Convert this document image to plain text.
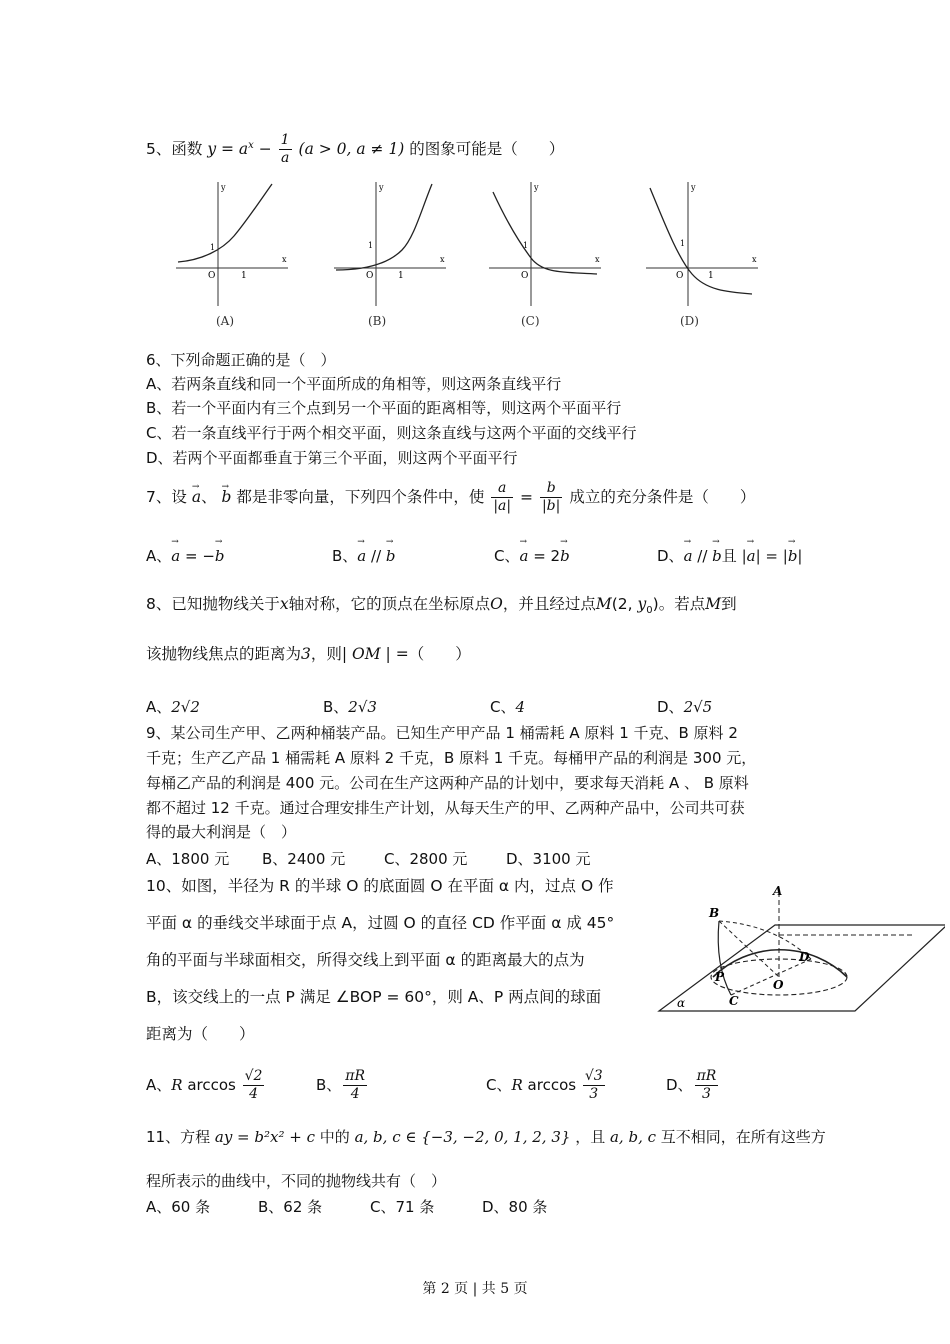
5、函数 $y = a^x - \frac{1}{a} (a > 0$, a ≠ 1) 的图象可能是（　　）
x
y
O	1
1
x
y
O	1
1
x
y
O
1
x
y
O	1
1
(A)	(B)	(C)	(D)
6、下列命题正确的是（　）
A、若两条直线和同一个平面所成的角相等，则这两条直线平行
B、若一个平面内有三个点到另一个平面的距离相等，则这两个平面平行
C、若一条直线平行于两个相交平面，则这条直线与这两个平面的交线平行
D、若两个平面都垂直于第三个平面，则这两个平面平行
7、设 → a、 → b 都是非零向量，下列四个条件中，使 $\frac{a}{|a|} = \frac{b}{|b|}$ 成立的充分条件是（　　）
A、→ a = −→ b	B、→ a // → b	C、→ a = 2→ b	D、→ a // → b且 |→ a| = |→ b|
8、已知抛物线关于x轴对称，它的顶点在坐标原点O，并且经过点M(2, $y_0$)。若点M到
该抛物线焦点的距离为3，则| OM | =（　　）
A、2√2	B、2√3	C、4	D、2√5
9、某公司生产甲、乙两种桶装产品。已知生产甲产品 1 桶需耗 A 原料 1 千克、B 原料 2
千克；生产乙产品 1 桶需耗 A 原料 2 千克，B 原料 1 千克。每桶甲产品的利润是 300 元，
每桶乙产品的利润是 400 元。公司在生产这两种产品的计划中，要求每天消耗 A 、 B 原料
都不超过 12 千克。通过合理安排生产计划，从每天生产的甲、乙两种产品中，公司共可获
得的最大利润是（　）
A、1800 元 B、2400 元	C、2800 元	D、3100 元
10、如图，半径为 R 的半球 O 的底面圆 O 在平面 α 内，过点 O 作
平面 α 的垂线交半球面于点 A，过圆 O 的直径 CD 作平面 α 成 45°
角的平面与半球面相交，所得交线上到平面 α 的距离最大的点为
B，该交线上的一点 P 满足 ∠BOP = 60°，则 A、P 两点间的球面
距离为（　　）
A
B
D
P
O
C
α
A、R $\arccos \frac{√2}{4}$	B、 $\frac{\pi R}{4}$	C、R $\arccos \frac{√3}{3}$	D、 $\frac{\pi R}{3}$
11、方程 ay = b²x² + c 中的 a, b, c ∈ {−3, −2, 0, 1, 2, 3} ，且 a, b, c 互不相同，在所有这些方
程所表示的曲线中，不同的抛物线共有（　）
A、60 条	B、62 条	C、71 条	D、80 条
第 2 页 | 共 5 页
